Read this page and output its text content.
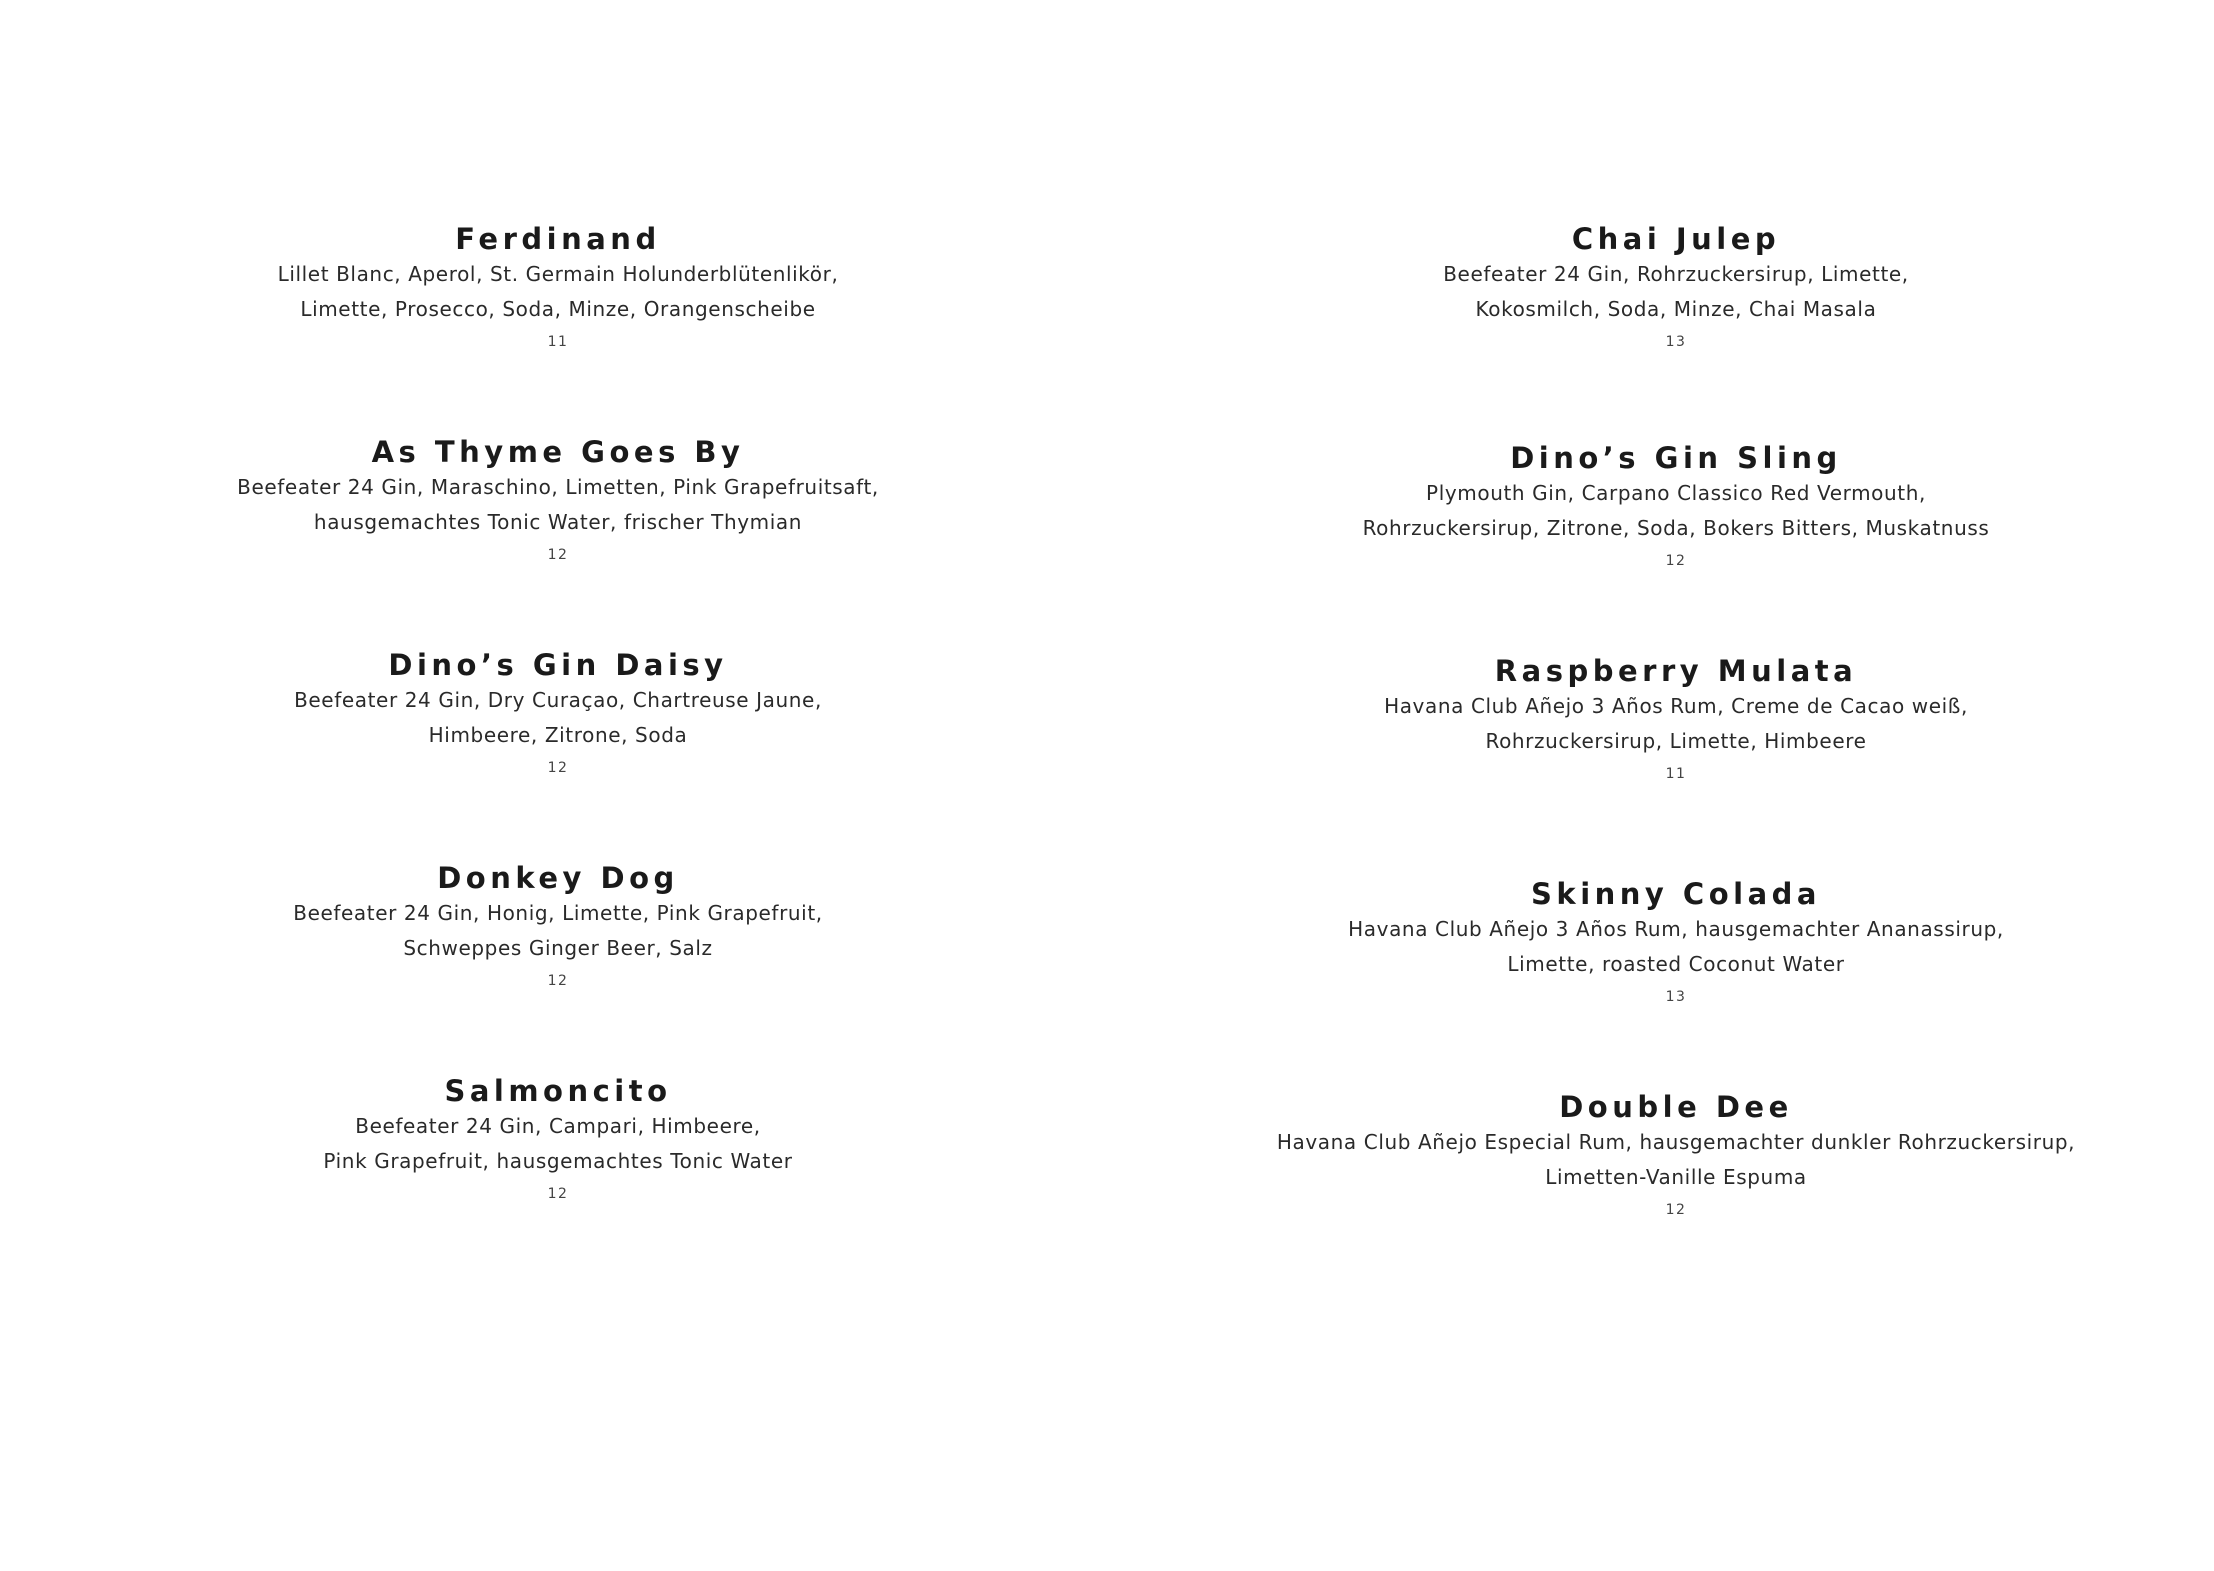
Ferdinand
Lillet Blanc, Aperol, St. Germain Holunderblütenlikör,
Limette, Prosecco, Soda, Minze, Orangenscheibe
11
As Thyme Goes By
Beefeater 24 Gin, Maraschino, Limetten, Pink Grapefruitsaft,
hausgemachtes Tonic Water, frischer Thymian
12
Dino’s Gin Daisy
Beefeater 24 Gin, Dry Curaçao, Chartreuse Jaune,
Himbeere, Zitrone, Soda
12
Donkey Dog
Beefeater 24 Gin, Honig, Limette, Pink Grapefruit,
Schweppes Ginger Beer, Salz
12
Salmoncito
Beefeater 24 Gin, Campari, Himbeere,
Pink Grapefruit, hausgemachtes Tonic Water
12
Chai Julep
Beefeater 24 Gin, Rohrzuckersirup, Limette,
Kokosmilch, Soda, Minze, Chai Masala
13
Dino’s Gin Sling
Plymouth Gin, Carpano Classico Red Vermouth,
Rohrzuckersirup, Zitrone, Soda, Bokers Bitters, Muskatnuss
12
Raspberry Mulata
Havana Club Añejo 3 Años Rum, Creme de Cacao weiß,
Rohrzuckersirup, Limette, Himbeere
11
Skinny Colada
Havana Club Añejo 3 Años Rum, hausgemachter Ananassirup,
Limette, roasted Coconut Water
13
Double Dee
Havana Club Añejo Especial Rum, hausgemachter dunkler Rohrzuckersirup,
Limetten-Vanille Espuma
12
